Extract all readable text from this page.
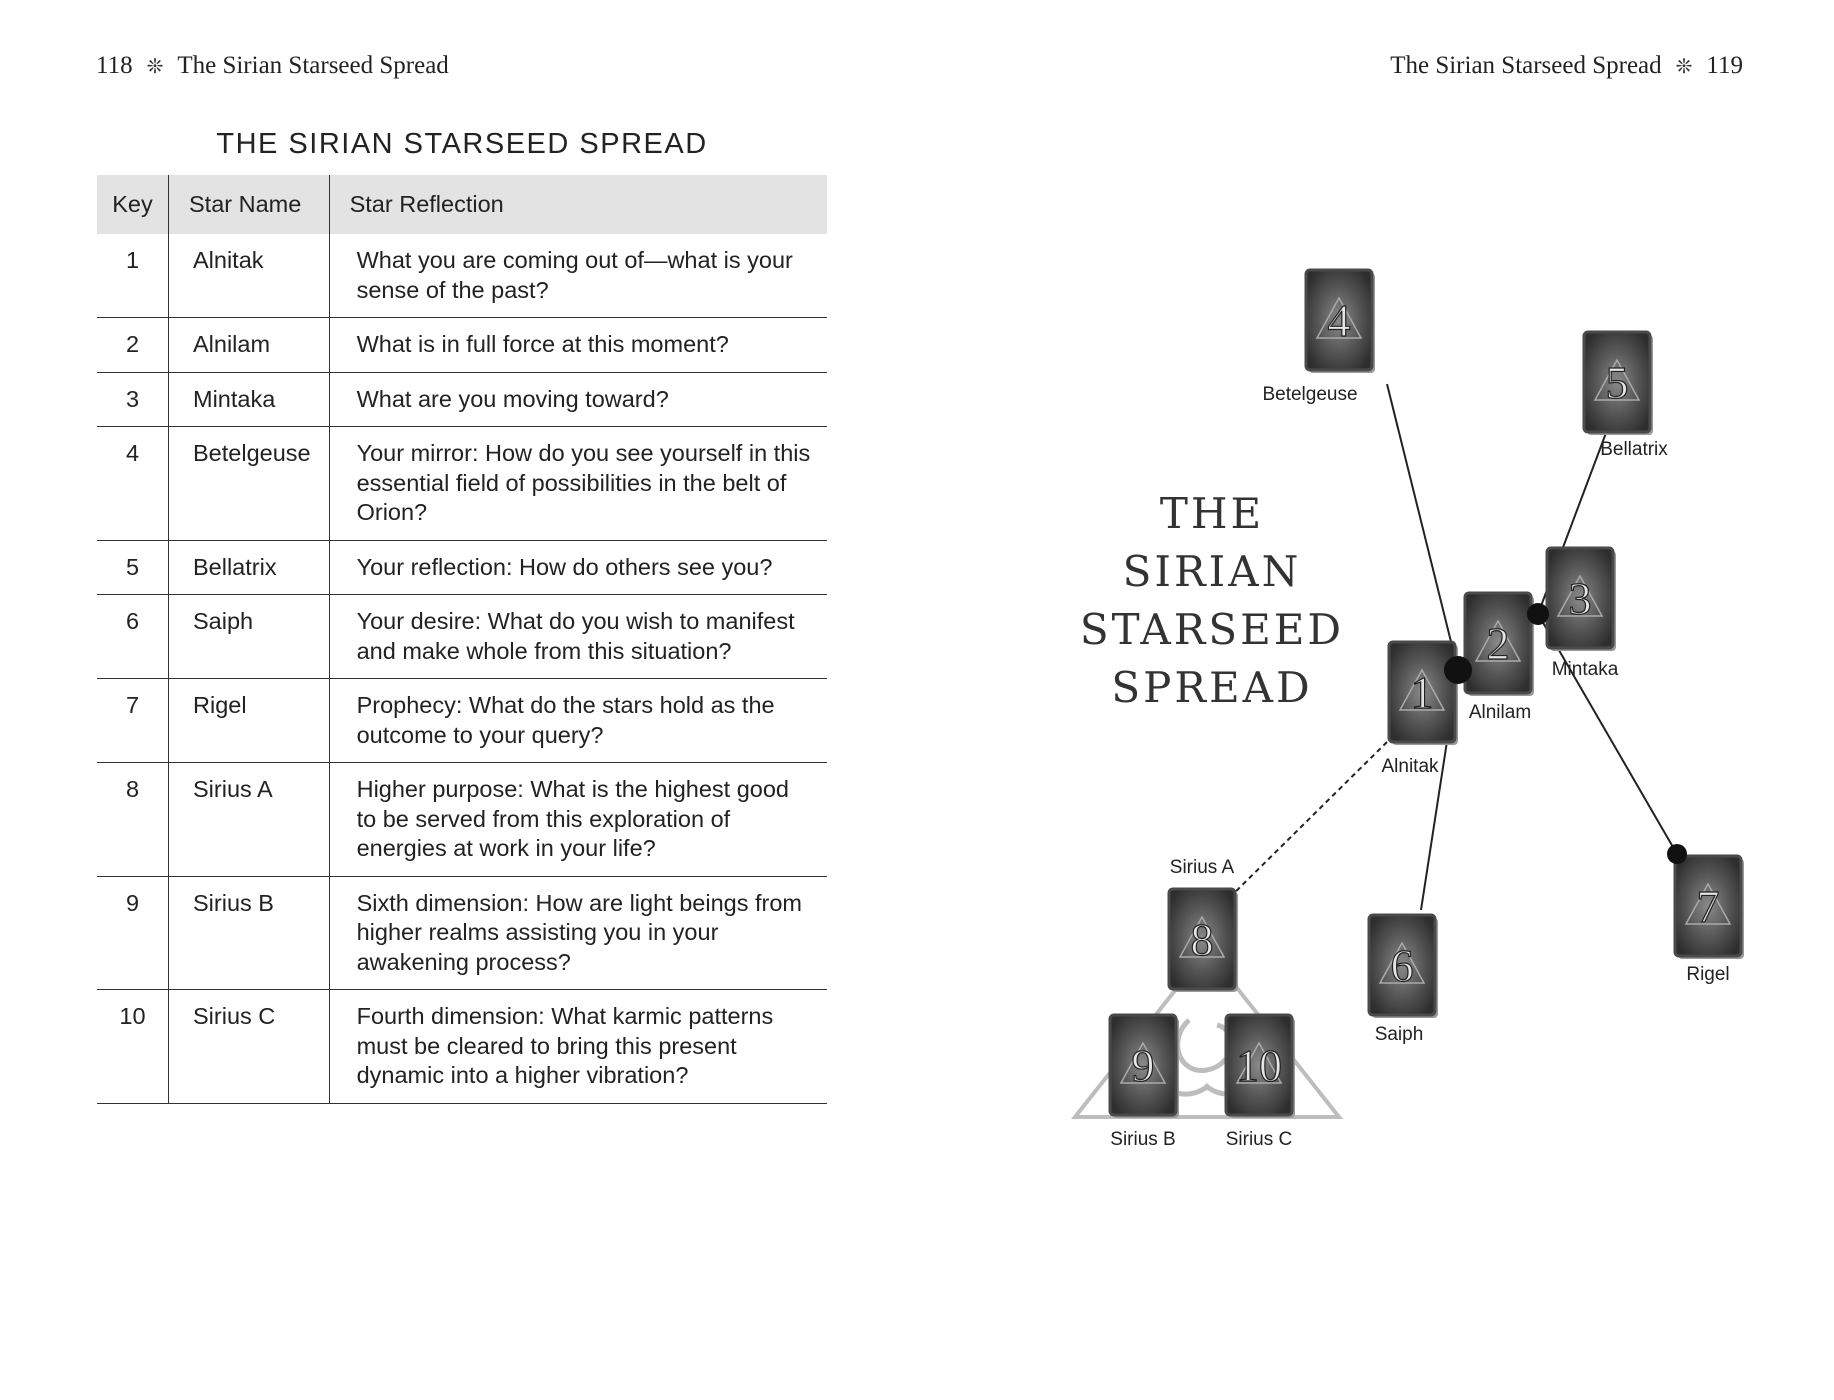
118 ❊ The Sirian Starseed Spread
THE SIRIAN STARSEED SPREAD
Key	Star Name	Star Reflection
1	Alnitak	What you are coming out of—what is your sense of the past?
2	Alnilam	What is in full force at this moment?
3	Mintaka	What are you moving toward?
4	Betelgeuse	Your mirror: How do you see yourself in this essential field of possibilities in the belt of Orion?
5	Bellatrix	Your reflection: How do others see you?
6	Saiph	Your desire: What do you wish to manifest and make whole from this situation?
7	Rigel	Prophecy: What do the stars hold as the outcome to your query?
8	Sirius A	Higher purpose: What is the highest good to be served from this exploration of energies at work in your life?
9	Sirius B	Sixth dimension: How are light beings from higher realms assisting you in your awakening process?
10	Sirius C	Fourth dimension: What karmic patterns must be cleared to bring this present dynamic into a higher vibration?
The Sirian Starseed Spread ❊ 119
THE
SIRIAN STARSEED
SPREAD	1
Alnitak
2
Alnilam
3
Mintaka
4
Betelgeuse	5
Bellatrix
6
Saiph
7
Rigel
8
Sirius A
9
Sirius B
10
Sirius C
